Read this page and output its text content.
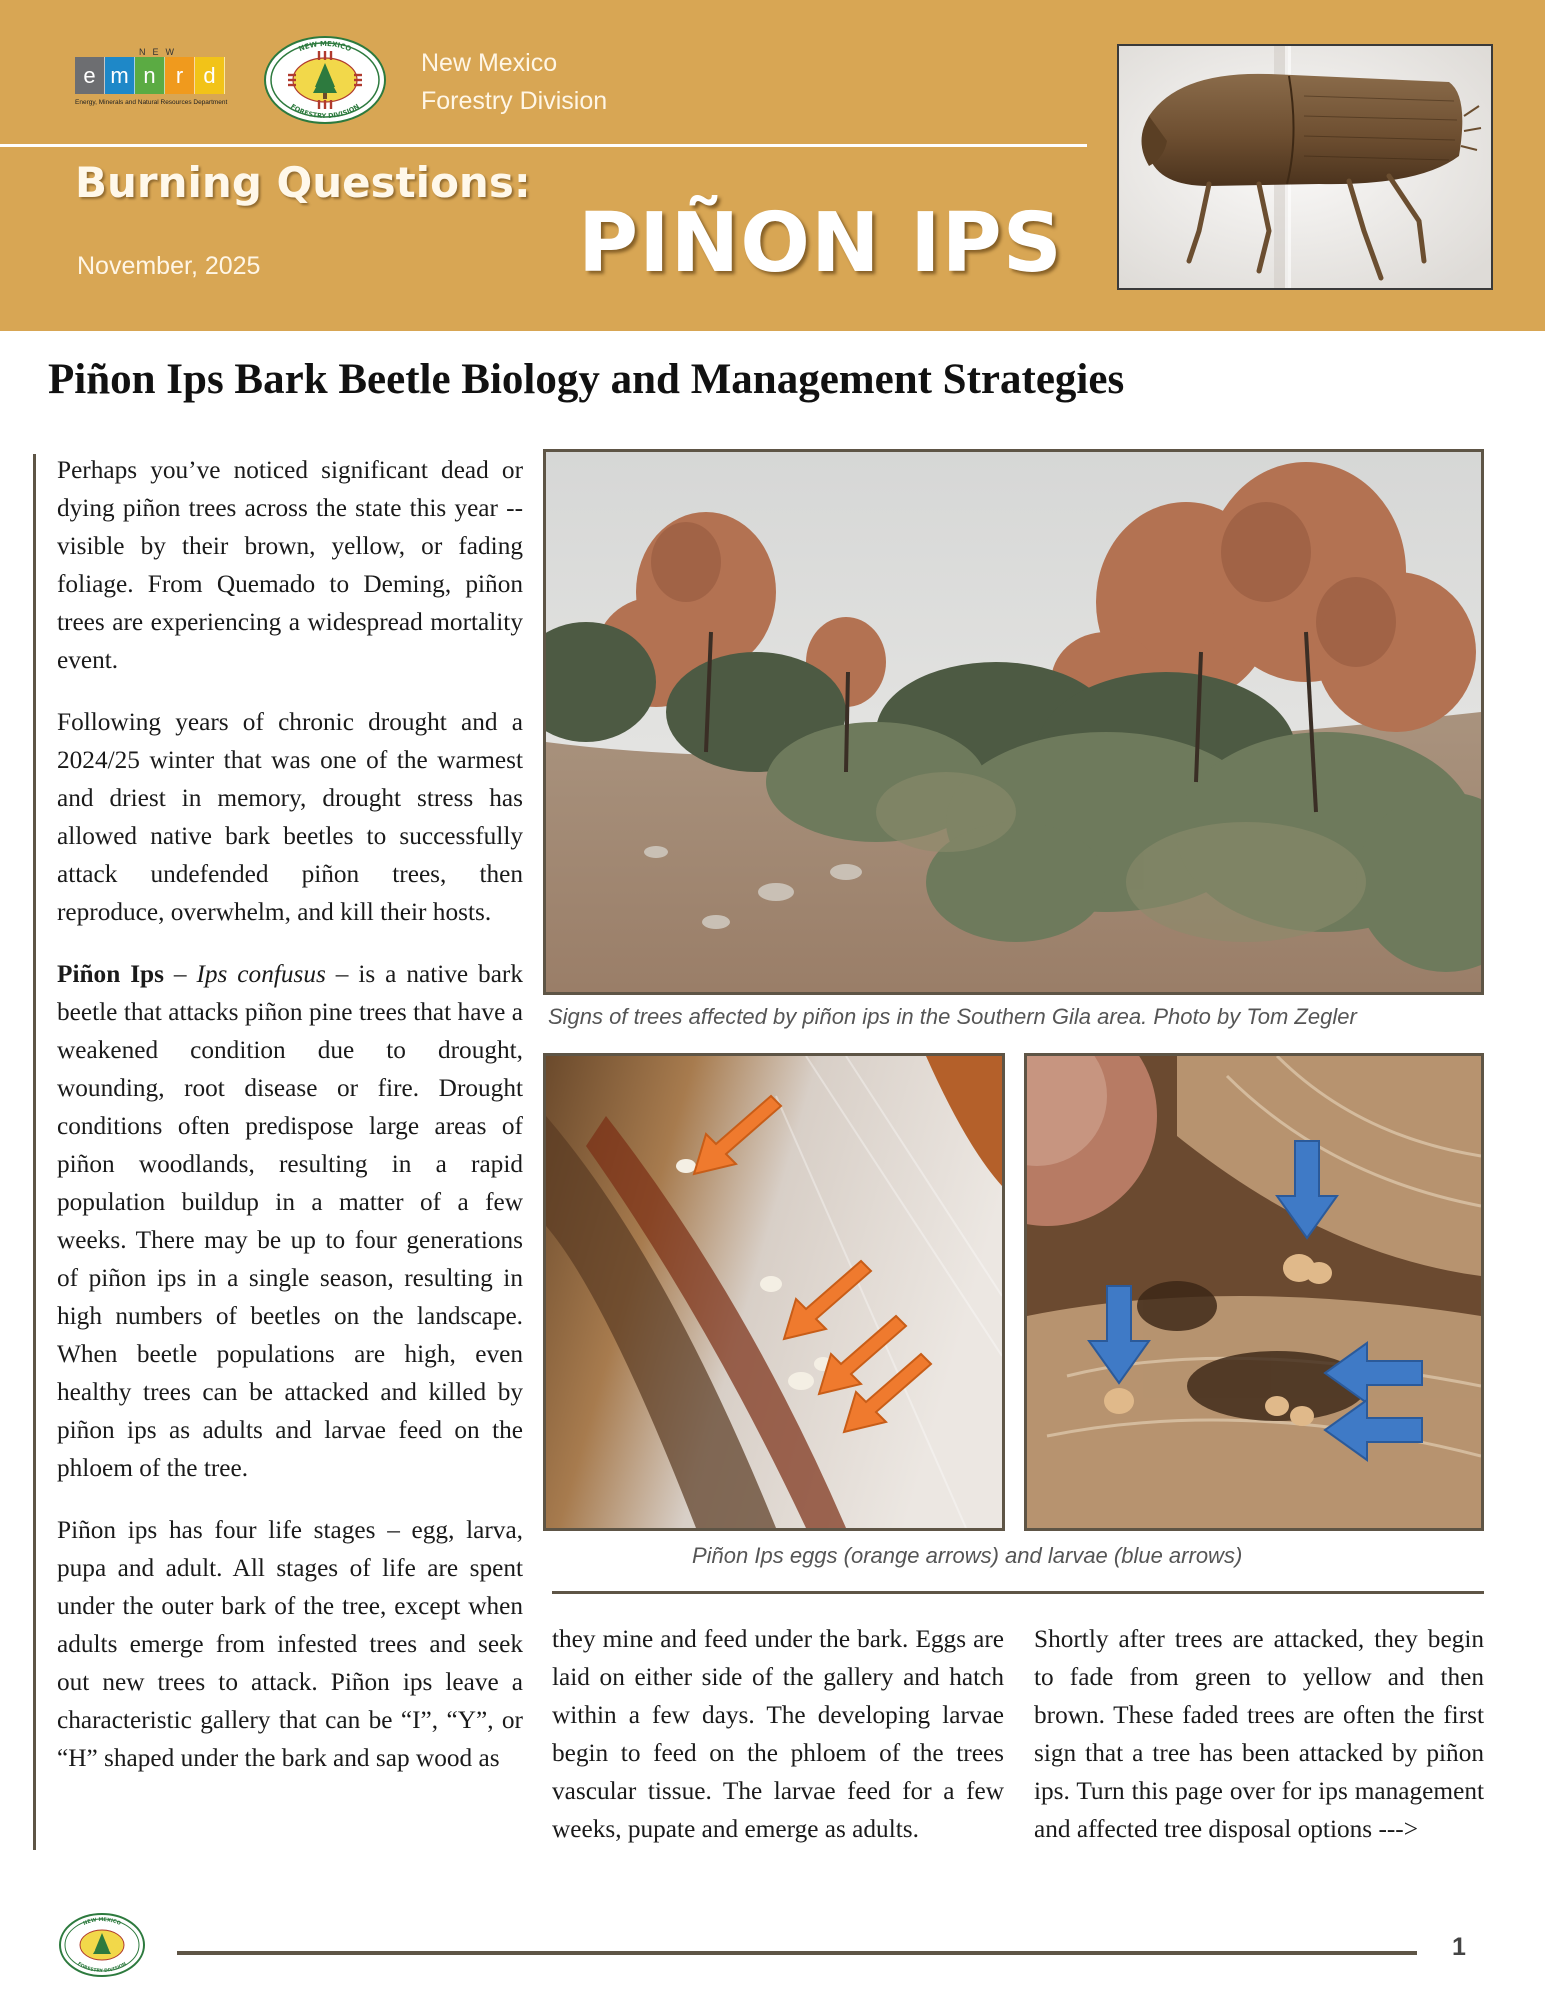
NEW
e m n r d
Energy, Minerals and Natural Resources Department
NEW MEXICO
FORESTRY DIVISION
New Mexico
Forestry Division
Burning Questions:
November, 2025	PIÑON IPS
Piñon Ips Bark Beetle Biology and Management Strategies

Perhaps you’ve noticed significant dead or dying piñon trees across the state this year -- visible by their brown, yellow, or fading foliage. From Quemado to Deming, piñon trees are experiencing a widespread mortality event.

Following years of chronic drought and a 2024/25 winter that was one of the warmest and driest in memory, drought stress has allowed native bark beetles to successfully attack undefended piñon trees, then reproduce, overwhelm, and kill their hosts.

Piñon Ips – Ips confusus – is a native bark beetle that attacks piñon pine trees that have a weakened condition due to drought, wounding, root disease or fire. Drought conditions often predispose large areas of piñon woodlands, resulting in a rapid population buildup in a matter of a few weeks. There may be up to four generations of piñon ips in a single season, resulting in high numbers of beetles on the landscape. When beetle populations are high, even healthy trees can be attacked and killed by piñon ips as adults and larvae feed on the phloem of the tree.

Piñon ips has four life stages – egg, larva, pupa and adult. All stages of life are spent under the outer bark of the tree, except when adults emerge from infested trees and seek out new trees to attack. Piñon ips leave a characteristic gallery that can be “I”, “Y”, or “H” shaped under the bark and sap wood as

Signs of trees affected by piñon ips in the Southern Gila area. Photo by Tom Zegler
Piñon Ips eggs (orange arrows) and larvae (blue arrows)
they mine and feed under the bark. Eggs are laid on either side of the gallery and hatch within a few days. The developing larvae begin to feed on the phloem of the trees vascular tissue. The larvae feed for a few weeks, pupate and emerge as adults.
Shortly after trees are attacked, they begin to fade from green to yellow and then brown. These faded trees are often the first sign that a tree has been attacked by piñon ips. Turn this page over for ips management and affected tree disposal options --->
NEW MEXICO
FORESTRY DIVISION
1
